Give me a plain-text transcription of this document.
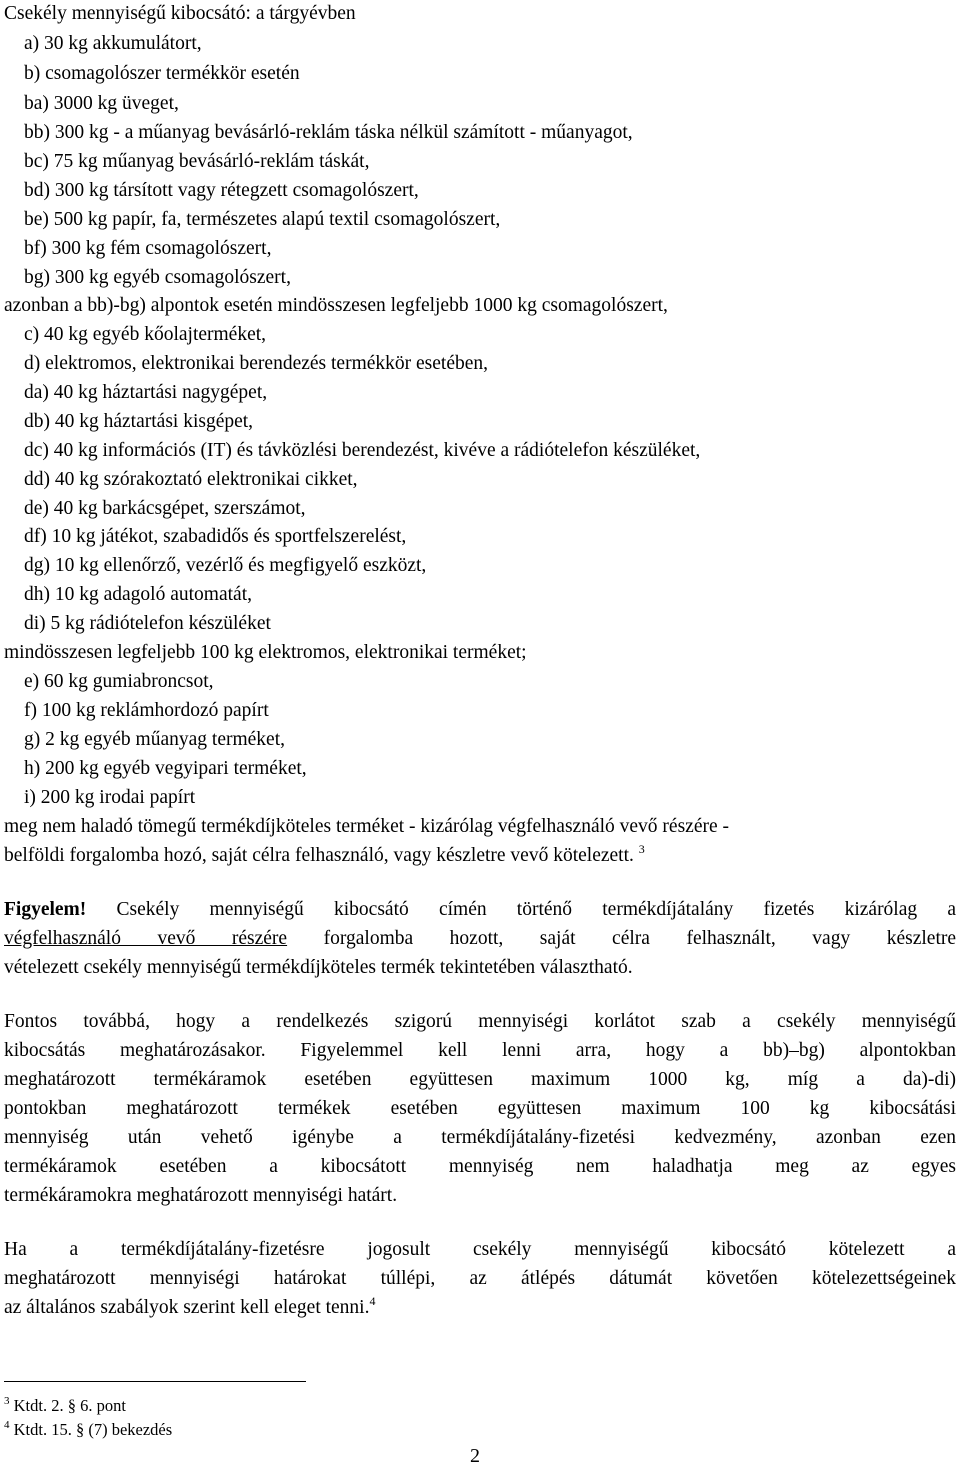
Csekély mennyiségű kibocsátó: a tárgyévben
a) 30 kg akkumulátort,
b) csomagolószer termékkör esetén
ba) 3000 kg üveget,
bb) 300 kg - a műanyag bevásárló-reklám táska nélkül számított - műanyagot,
bc) 75 kg műanyag bevásárló-reklám táskát,
bd) 300 kg társított vagy rétegzett csomagolószert,
be) 500 kg papír, fa, természetes alapú textil csomagolószert,
bf) 300 kg fém csomagolószert,
bg) 300 kg egyéb csomagolószert,
azonban a bb)-bg) alpontok esetén mindösszesen legfeljebb 1000 kg csomagolószert,
c) 40 kg egyéb kőolajterméket,
d) elektromos, elektronikai berendezés termékkör esetében,
da) 40 kg háztartási nagygépet,
db) 40 kg háztartási kisgépet,
dc) 40 kg információs (IT) és távközlési berendezést, kivéve a rádiótelefon készüléket,
dd) 40 kg szórakoztató elektronikai cikket,
de) 40 kg barkácsgépet, szerszámot,
df) 10 kg játékot, szabadidős és sportfelszerelést,
dg) 10 kg ellenőrző, vezérlő és megfigyelő eszközt,
dh) 10 kg adagoló automatát,
di) 5 kg rádiótelefon készüléket
mindösszesen legfeljebb 100 kg elektromos, elektronikai terméket;
e) 60 kg gumiabroncsot,
f) 100 kg reklámhordozó papírt
g) 2 kg egyéb műanyag terméket,
h) 200 kg egyéb vegyipari terméket,
i) 200 kg irodai papírt
meg nem haladó tömegű termékdíjköteles terméket - kizárólag végfelhasználó vevő részére -
belföldi forgalomba hozó, saját célra felhasználó, vagy készletre vevő kötelezett. $^3$
Figyelem! Csekély mennyiségű kibocsátó címén történő termékdíjátalány fizetés kizárólag a
végfelhasználó vevő részére forgalomba hozott, saját célra felhasznált, vagy készletre
vételezett csekély mennyiségű termékdíjköteles termék tekintetében választható.
Fontos továbbá, hogy a rendelkezés szigorú mennyiségi korlátot szab a csekély mennyiségű
kibocsátás meghatározásakor. Figyelemmel kell lenni arra, hogy a bb)–bg) alpontokban
meghatározott termékáramok esetében együttesen maximum 1000 kg, míg a da)-di)
pontokban meghatározott termékek esetében együttesen maximum 100 kg kibocsátási
mennyiség után vehető igénybe a termékdíjátalány-fizetési kedvezmény, azonban ezen
termékáramok esetében a kibocsátott mennyiség nem haladhatja meg az egyes
termékáramokra meghatározott mennyiségi határt.
Ha a termékdíjátalány-fizetésre jogosult csekély mennyiségű kibocsátó kötelezett a
meghatározott mennyiségi határokat túllépi, az átlépés dátumát követően kötelezettségeinek
az általános szabályok szerint kell eleget tenni.$^4$
$^3$ Ktdt. 2. § 6. pont
$^4$ Ktdt. 15. § (7) bekezdés
2
